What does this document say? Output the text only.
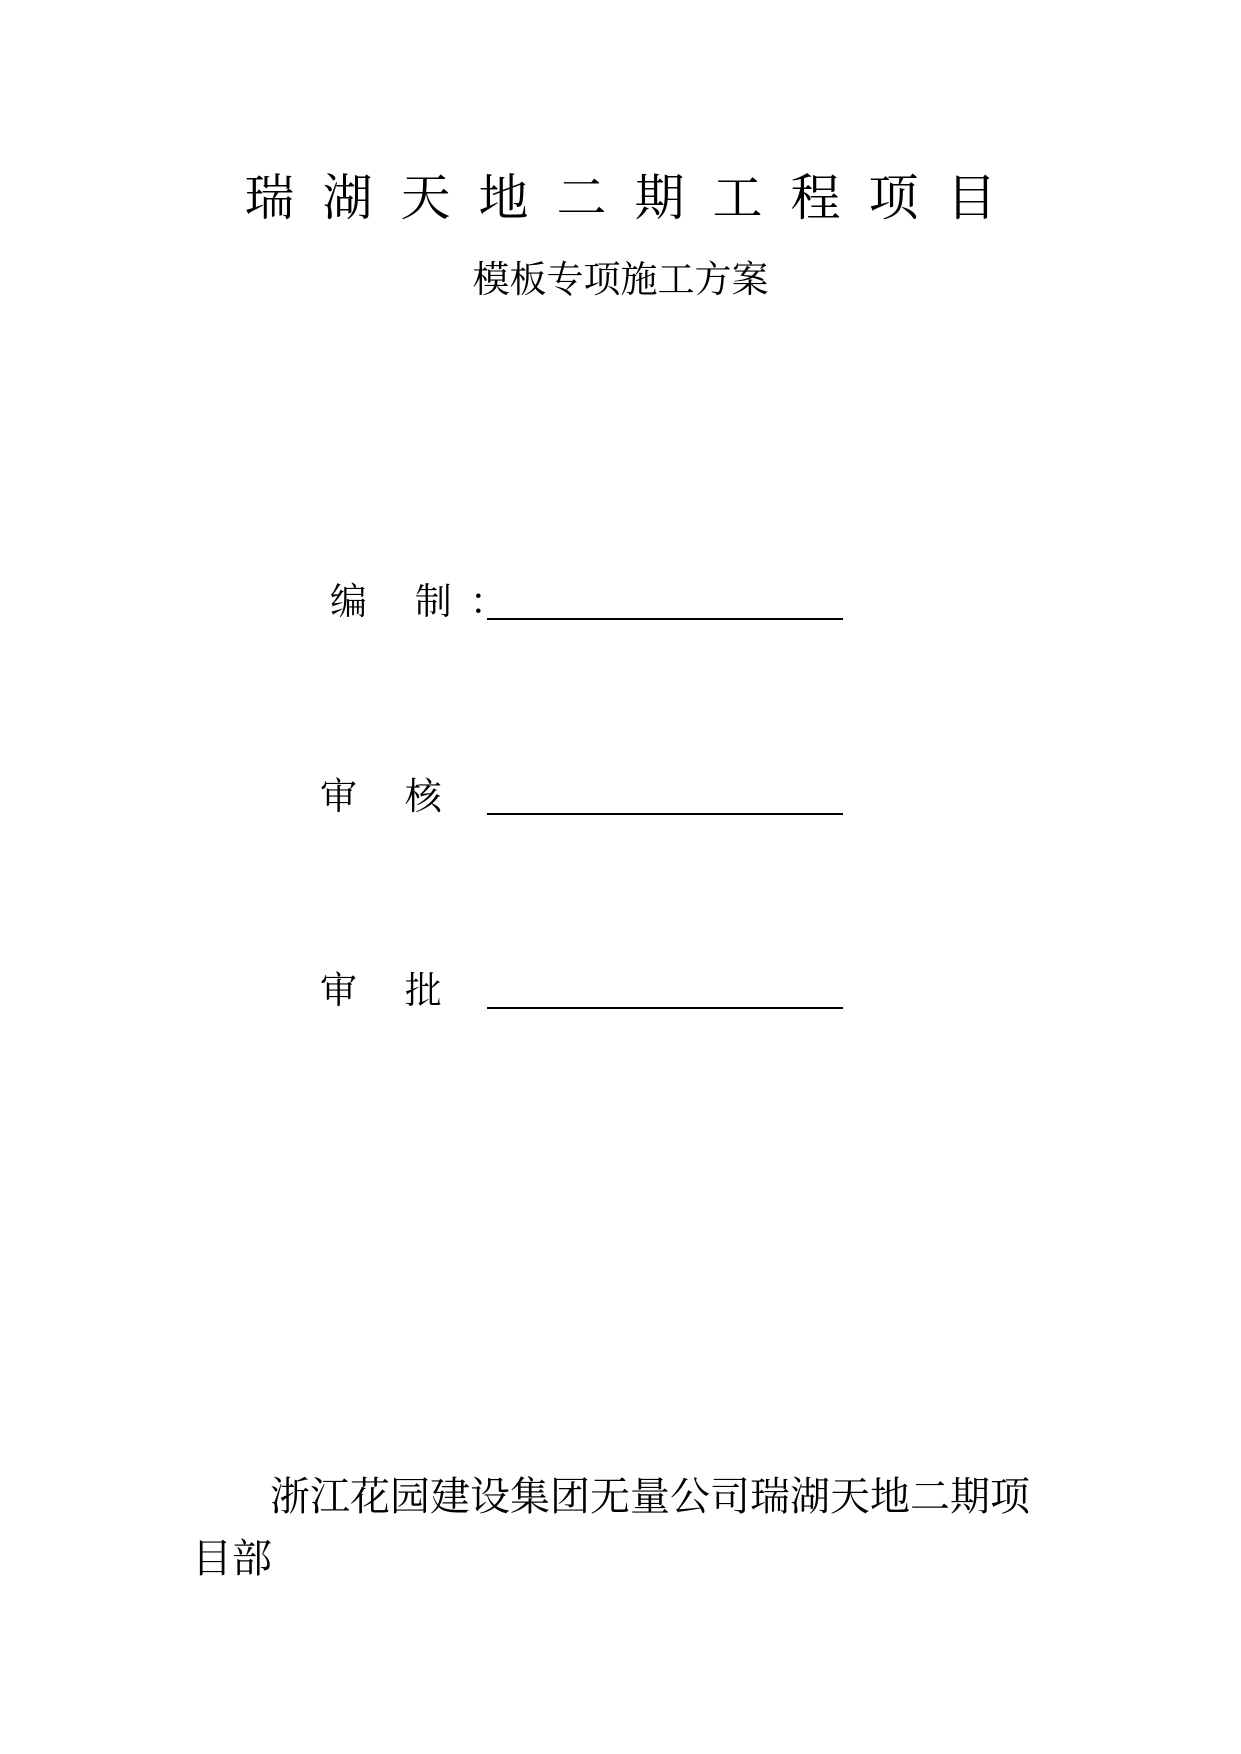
瑞湖天地二期工程项目
模板专项施工方案
编 制：
审 核
审 批
浙江花园建设集团无量公司瑞湖天地二期项目部
